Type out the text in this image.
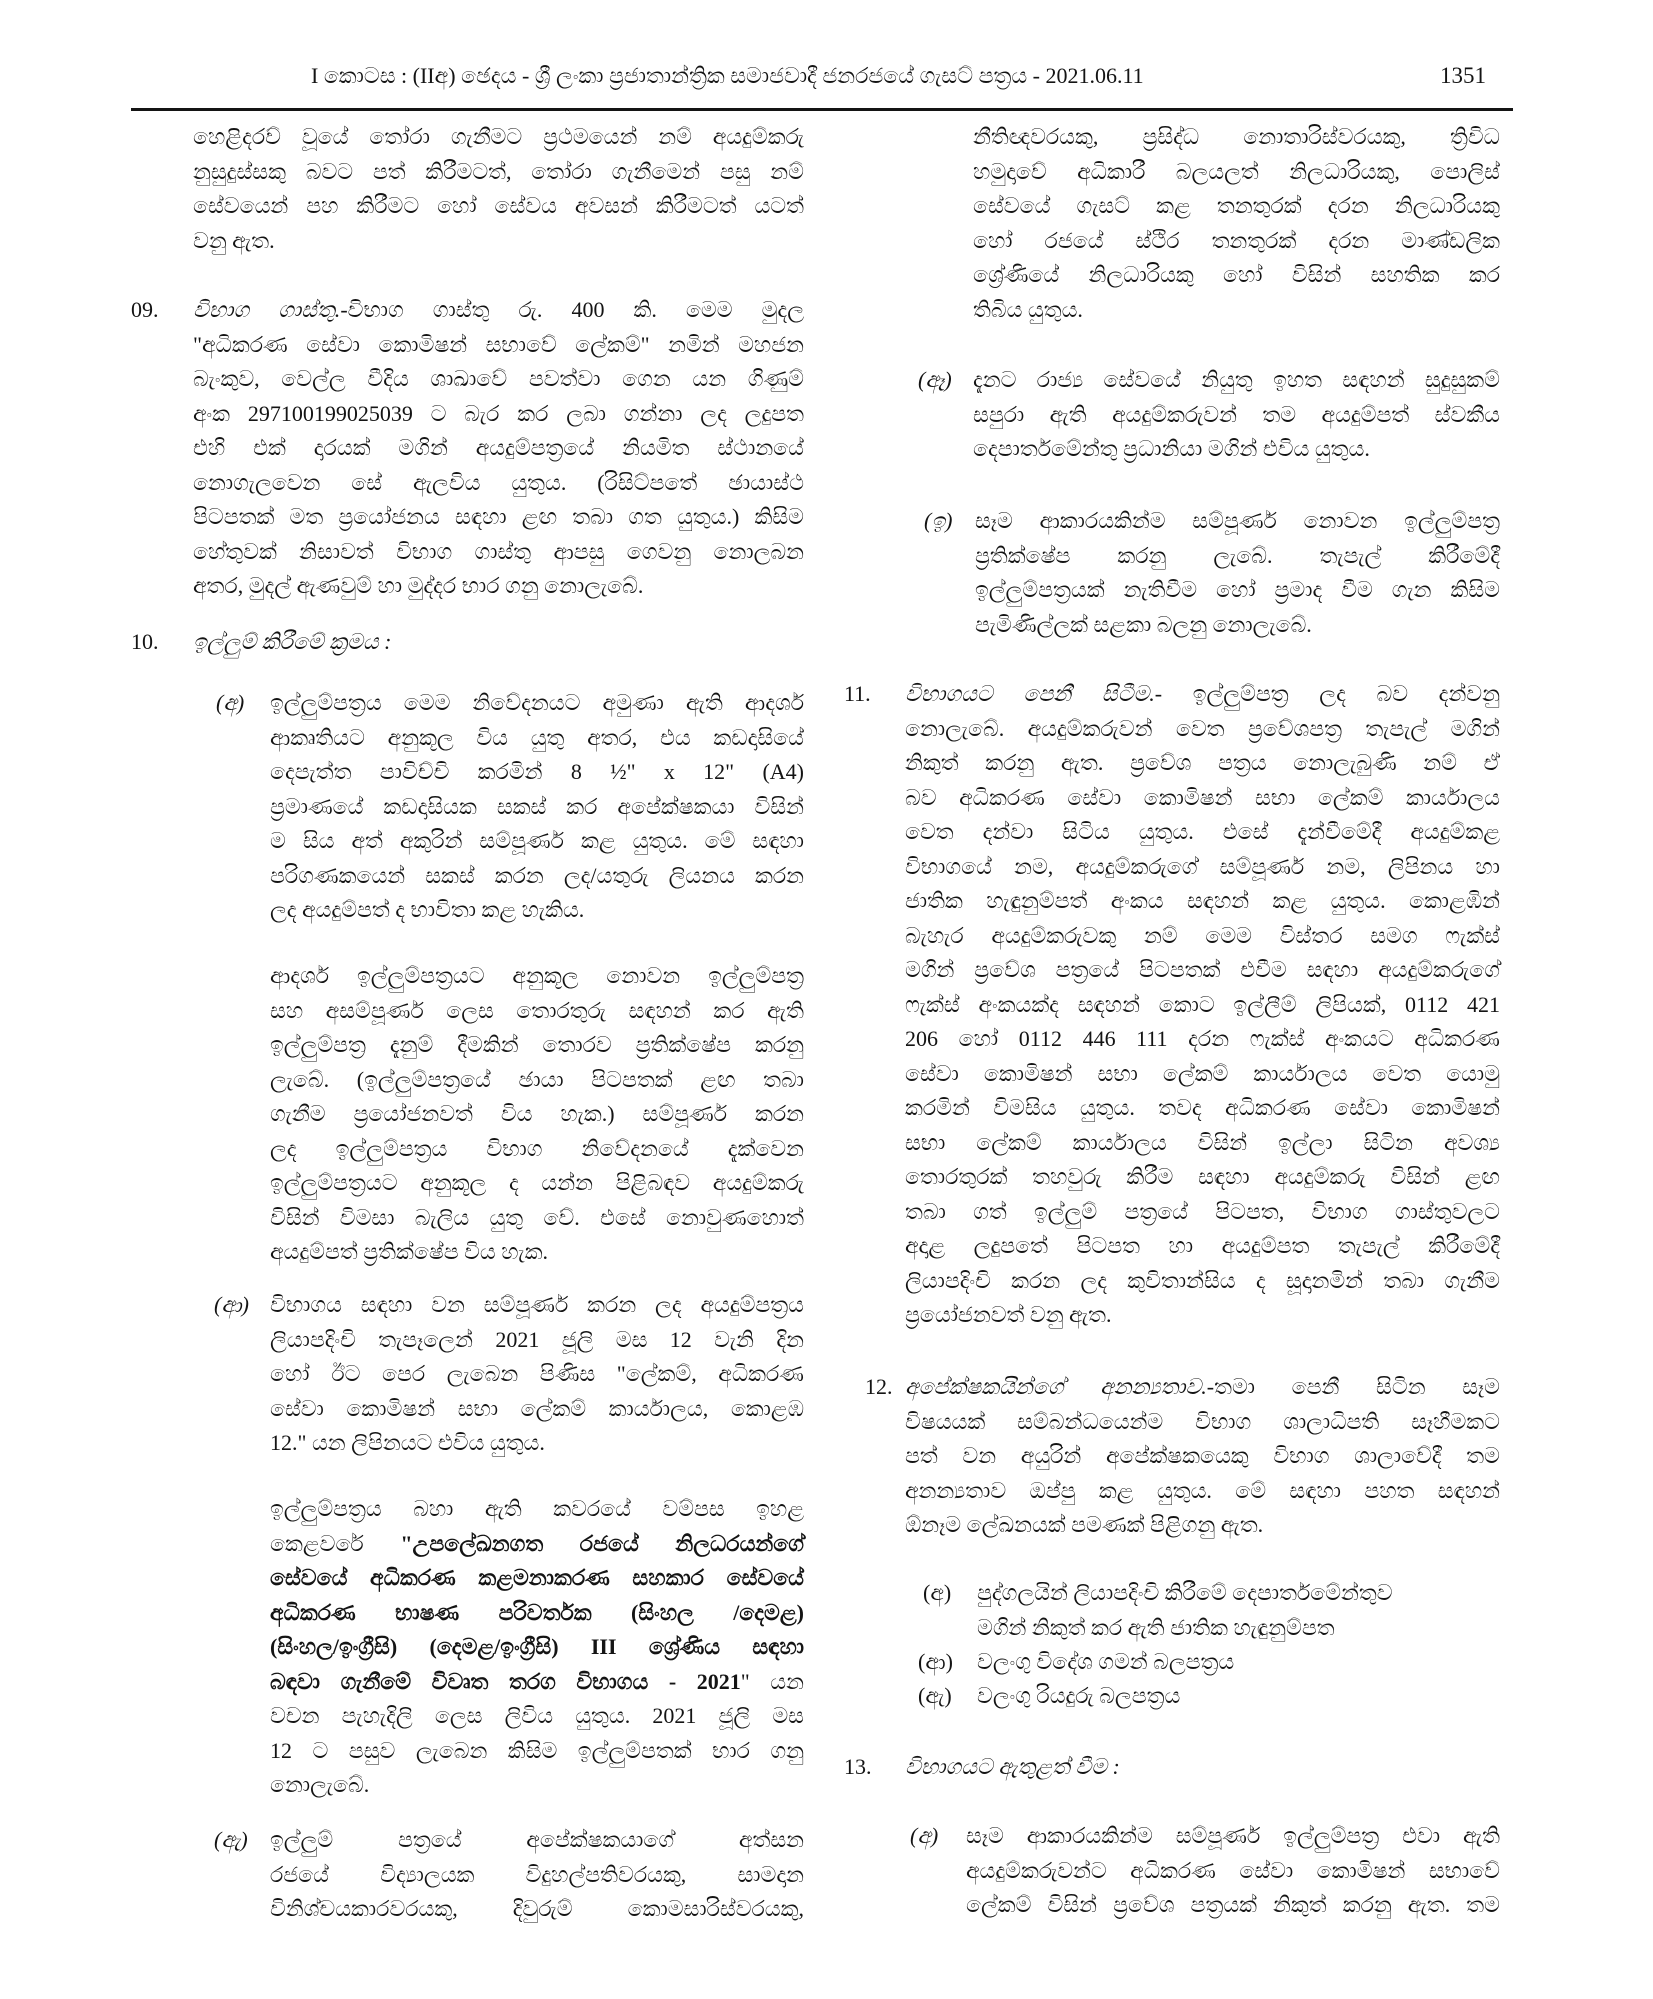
I කොටස : (IIඅ) ඡෙදය - ශ්‍රී ලංකා ප්‍රජාතාන්ත්‍රික සමාජවාදී ජනරජයේ ගැසට් පත්‍රය - 2021.06.11	1351
හෙළිදරව් වූයේ තෝරා ගැනීමට ප්‍රථමයෙන් නම් අයදුම්කරු
නුසුදුස්සකු බවට පත් කිරීමටත්, තෝරා ගැනීමෙන් පසු නම්
සේවයෙන් පහ කිරීමට හෝ සේවය අවසන් කිරීමටත් යටත්
වනු ඇත.
09. විභාග ගාස්තු.-විභාග ගාස්තු රු. 400 කි. මෙම මුදල
"අධිකරණ සේවා කොමිෂන් සභාවේ ලේකම්" නමින් මහජන
බැංකුව, වෙල්ල වීදිය ශාඛාවේ පවත්වා ගෙන යන ගිණුම්
අංක 297100199025039 ට බැර කර ලබා ගන්නා ලද ලදුපත
එහි එක් දාරයක් මගින් අයදුම්පත්‍රයේ නියමිත ස්ථානයේ
නොගැලවෙන සේ ඇලවිය යුතුය. (රිසිට්පතේ ඡායාස්ථ
පිටපතක් මත ප්‍රයෝජනය සඳහා ළඟ තබා ගත යුතුය.) කිසිම
හේතුවක් නිසාවත් විභාග ගාස්තු ආපසු ගෙවනු නොලබන
අතර, මුදල් ඇණවුම් හා මුද්දර භාර ගනු නොලැබේ.
10. ඉල්ලුම් කිරීමේ ක්‍රමය :
(අ) ඉල්ලුම්පත්‍රය මෙම නිවේදනයට අමුණා ඇති ආදර්ශ
ආකෘතියට අනුකූල විය යුතු අතර, එය කඩදාසියේ
දෙපැත්ත පාවිච්චි කරමින් 8 ½" x 12" (A4)
ප්‍රමාණයේ කඩදාසියක සකස් කර අපේක්ෂකයා විසින්
ම සිය අත් අකුරින් සම්පූර්ණ කළ යුතුය. මේ සඳහා
පරිගණකයෙන් සකස් කරන ලද/යතුරු ලියනය කරන
ලද අයදුම්පත් ද භාවිතා කළ හැකිය.
ආදර්ශ ඉල්ලුම්පත්‍රයට අනුකූල නොවන ඉල්ලුම්පත්‍ර
සහ අසම්පූර්ණ ලෙස තොරතුරු සඳහන් කර ඇති
ඉල්ලුම්පත්‍ර දැනුම් දීමකින් තොරව ප්‍රතික්ෂේප කරනු
ලැබේ. (ඉල්ලුම්පත්‍රයේ ඡායා පිටපතක් ළඟ තබා
ගැනීම ප්‍රයෝජනවත් විය හැක.) සම්පූර්ණ කරන
ලද ඉල්ලුම්පත්‍රය විභාග නිවේදනයේ දැක්වෙන
ඉල්ලුම්පත්‍රයට අනුකූල ද යන්න පිළිබඳව අයදුම්කරු
විසින් විමසා බැලිය යුතු වේ. එසේ නොවුණහොත්
අයදුම්පත් ප්‍රතික්ෂේප විය හැක.
(ආ) විභාගය සඳහා වන සම්පූර්ණ කරන ලද අයදුම්පත්‍රය
ලියාපදිංචි තැපෑලෙන් 2021 ජූලි මස 12 වැනි දින
හෝ ඊට පෙර ලැබෙන පිණිස "ලේකම්, අධිකරණ
සේවා කොමිෂන් සභා ලේකම් කාර්යාලය, කොළඹ
12." යන ලිපිනයට එවිය යුතුය.
ඉල්ලුම්පත්‍රය බහා ඇති කවරයේ වම්පස ඉහළ
කෙළවරේ "උපලේඛනගත රජයේ නිලධරයන්ගේ
සේවයේ අධිකරණ කළමනාකරණ සහකාර සේවයේ
අධිකරණ භාෂණ පරිවර්තක (සිංහල /දෙමළ)
(සිංහල/ඉංග්‍රීසි) (දෙමළ/ඉංග්‍රීසි) III ශ්‍රේණිය සඳහා
බඳවා ගැනීමේ විවෘත තරග විභාගය - 2021" යන
වචන පැහැදිලි ලෙස ලිවිය යුතුය. 2021 ජූලි මස
12 ට පසුව ලැබෙන කිසිම ඉල්ලුම්පතක් භාර ගනු
නොලැබේ.
(ඇ) ඉල්ලුම් පත්‍රයේ අපේක්ෂකයාගේ අත්සන
රජයේ විද්‍යාලයක විදුහල්පතිවරයකු, සාමදාන
විනිශ්චයකාරවරයකු, දිවුරුම් කොමසාරිස්වරයකු,
නීතිඥවරයකු, ප්‍රසිද්ධ නොතාරිස්වරයකු, ත්‍රිවිධ
හමුදාවේ අධිකාරී බලයලත් නිලධාරියකු, පොලිස්
සේවයේ ගැසට් කළ තනතුරක් දරන නිලධාරියකු
හෝ රජයේ ස්ථිර තනතුරක් දරන මාණ්ඩලික
ශ්‍රේණියේ නිලධාරියකු හෝ විසින් සහතික කර
තිබිය යුතුය.
(ඈ) දැනට රාජ්‍ය සේවයේ නියුතු ඉහත සඳහන් සුදුසුකම්
සපුරා ඇති අයදුම්කරුවන් තම අයදුම්පත් ස්වකීය
දෙපාර්තමේන්තු ප්‍රධානියා මගින් එවිය යුතුය.
(ඉ) සෑම ආකාරයකින්ම සම්පූර්ණ නොවන ඉල්ලුම්පත්‍ර
ප්‍රතික්ෂේප කරනු ලැබේ. තැපැල් කිරීමේදී
ඉල්ලුම්පත්‍රයක් නැතිවීම හෝ ප්‍රමාද වීම ගැන කිසිම
පැමිණිල්ලක් සළකා බලනු නොලැබේ.
11. විභාගයට පෙනී සිටීම.- ඉල්ලුම්පත්‍ර ලද බව දන්වනු
නොලැබේ. අයදුම්කරුවන් වෙත ප්‍රවේශපත්‍ර තැපැල් මගින්
නිකුත් කරනු ඇත. ප්‍රවේශ පත්‍රය නොලැබුණි නම් ඒ
බව අධිකරණ සේවා කොමිෂන් සභා ලේකම් කාර්යාලය
වෙත දන්වා සිටිය යුතුය. එසේ දැන්වීමේදී අයදුම්කළ
විභාගයේ නම, අයදුම්කරුගේ සම්පූර්ණ නම, ලිපිනය හා
ජාතික හැඳුනුම්පත් අංකය සඳහන් කළ යුතුය. කොළඹින්
බැහැර අයදුම්කරුවකු නම් මෙම විස්තර සමග ෆැක්ස්
මගින් ප්‍රවේශ පත්‍රයේ පිටපතක් එවීම සඳහා අයදුම්කරුගේ
ෆැක්ස් අංකයක්ද සඳහන් කොට ඉල්ලීම් ලිපියක්, 0112 421
206 හෝ 0112 446 111 දරන ෆැක්ස් අංකයට අධිකරණ
සේවා කොමිෂන් සභා ලේකම් කාර්යාලය වෙත යොමු
කරමින් විමසිය යුතුය. තවද අධිකරණ සේවා කොමිෂන්
සභා ලේකම් කාර්යාලය විසින් ඉල්ලා සිටින අවශ්‍ය
තොරතුරක් තහවුරු කිරීම සඳහා අයදුම්කරු විසින් ළඟ
තබා ගත් ඉල්ලුම් පත්‍රයේ පිටපත, විභාග ගාස්තුවලට
අදාළ ලදුපතේ පිටපත හා අයදුම්පත තැපැල් කිරීමේදී
ලියාපදිංචි කරන ලද කුවිතාන්සිය ද සූදානමින් තබා ගැනීම
ප්‍රයෝජනවත් වනු ඇත.
12. අපේක්ෂකයින්ගේ අනන්‍යතාව.-තමා පෙනී සිටින සෑම
විෂයයක් සම්බන්ධයෙන්ම විභාග ශාලාධිපති සෑහීමකට
පත් වන අයුරින් අපේක්ෂකයෙකු විභාග ශාලාවේදී තම
අනන්‍යතාව ඔප්පු කළ යුතුය. මේ සඳහා පහත සඳහන්
ඕනෑම ලේඛනයක් පමණක් පිළිගනු ඇත.
(අ) පුද්ගලයින් ලියාපදිංචි කිරීමේ දෙපාර්තමේන්තුව
මගින් නිකුත් කර ඇති ජාතික හැඳුනුම්පත
(ආ) වලංගු විදේශ ගමන් බලපත්‍රය
(ඇ) වලංගු රියදුරු බලපත්‍රය
13. විභාගයට ඇතුළත් වීම :
(අ) සෑම ආකාරයකින්ම සම්පූර්ණ ඉල්ලුම්පත්‍ර එවා ඇති
අයදුම්කරුවන්ට අධිකරණ සේවා කොමිෂන් සභාවේ
ලේකම් විසින් ප්‍රවේශ පත්‍රයක් නිකුත් කරනු ඇත. තම
